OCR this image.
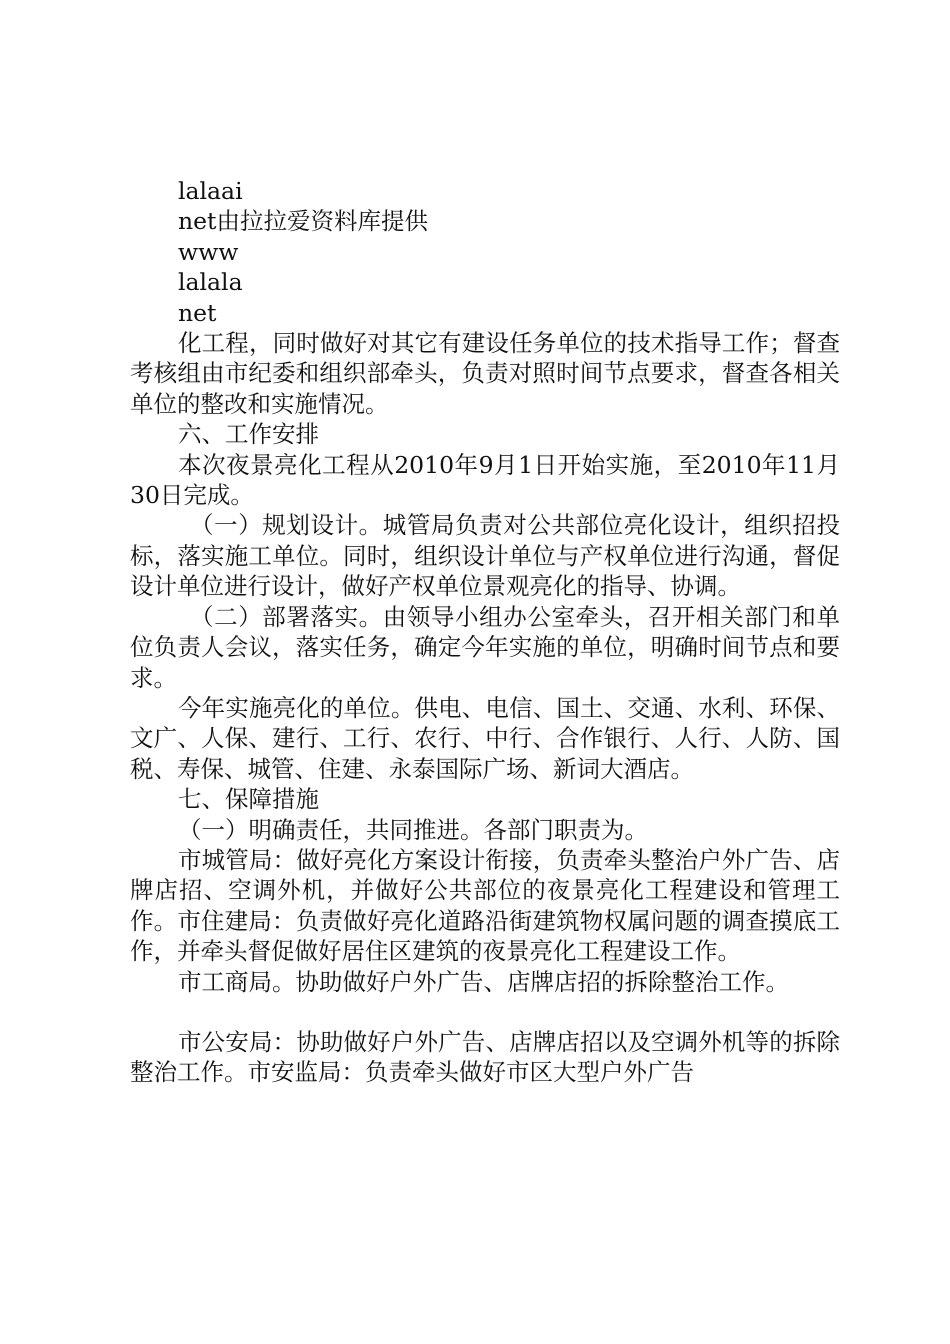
lalaai
net由拉拉爱资料库提供
www
lalala
net
化工程，同时做好对其它有建设任务单位的技术指导工作；督查考核组由市纪委和组织部牵头，负责对照时间节点要求，督查各相关单位的整改和实施情况。
六、工作安排
本次夜景亮化工程从2010年9月1日开始实施，至2010年11月30日完成。
（一）规划设计。城管局负责对公共部位亮化设计，组织招投标，落实施工单位。同时，组织设计单位与产权单位进行沟通，督促设计单位进行设计，做好产权单位景观亮化的指导、协调。
（二）部署落实。由领导小组办公室牵头，召开相关部门和单位负责人会议，落实任务，确定今年实施的单位，明确时间节点和要求。
今年实施亮化的单位。供电、电信、国土、交通、水利、环保、文广、人保、建行、工行、农行、中行、合作银行、人行、人防、国税、寿保、城管、住建、永泰国际广场、新词大酒店。
七、保障措施
（一）明确责任，共同推进。各部门职责为。
市城管局：做好亮化方案设计衔接，负责牵头整治户外广告、店牌店招、空调外机，并做好公共部位的夜景亮化工程建设和管理工作。市住建局：负责做好亮化道路沿街建筑物权属问题的调查摸底工作，并牵头督促做好居住区建筑的夜景亮化工程建设工作。
市工商局。协助做好户外广告、店牌店招的拆除整治工作。
市公安局：协助做好户外广告、店牌店招以及空调外机等的拆除整治工作。市安监局：负责牵头做好市区大型户外广告
